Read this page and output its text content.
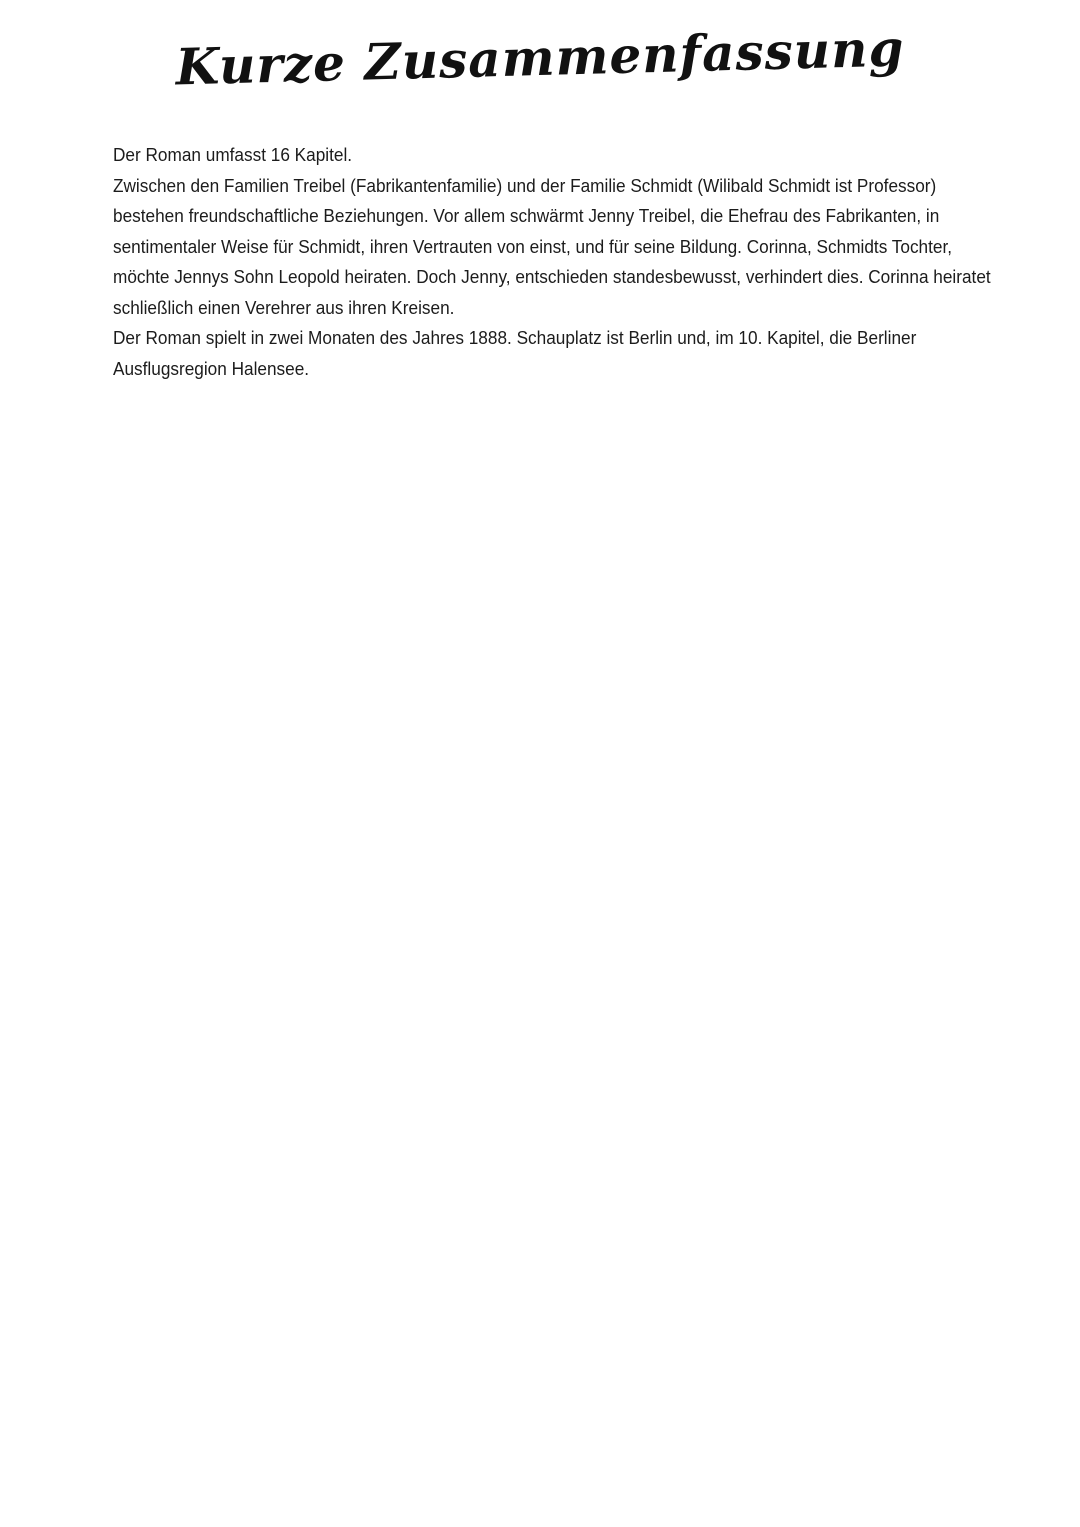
Kurze Zusammenfassung

Der Roman umfasst 16 Kapitel.

Zwischen den Familien Treibel (Fabrikantenfamilie) und der Familie Schmidt (Wilibald Schmidt ist Professor)

bestehen freundschaftliche Beziehungen. Vor allem schwärmt Jenny Treibel, die Ehefrau des Fabrikanten, in

sentimentaler Weise für Schmidt, ihren Vertrauten von einst, und für seine Bildung. Corinna, Schmidts Tochter,

möchte Jennys Sohn Leopold heiraten. Doch Jenny, entschieden standesbewusst, verhindert dies. Corinna heiratet

schließlich einen Verehrer aus ihren Kreisen.

Der Roman spielt in zwei Monaten des Jahres 1888. Schauplatz ist Berlin und, im 10. Kapitel, die Berliner

Ausflugsregion Halensee.
